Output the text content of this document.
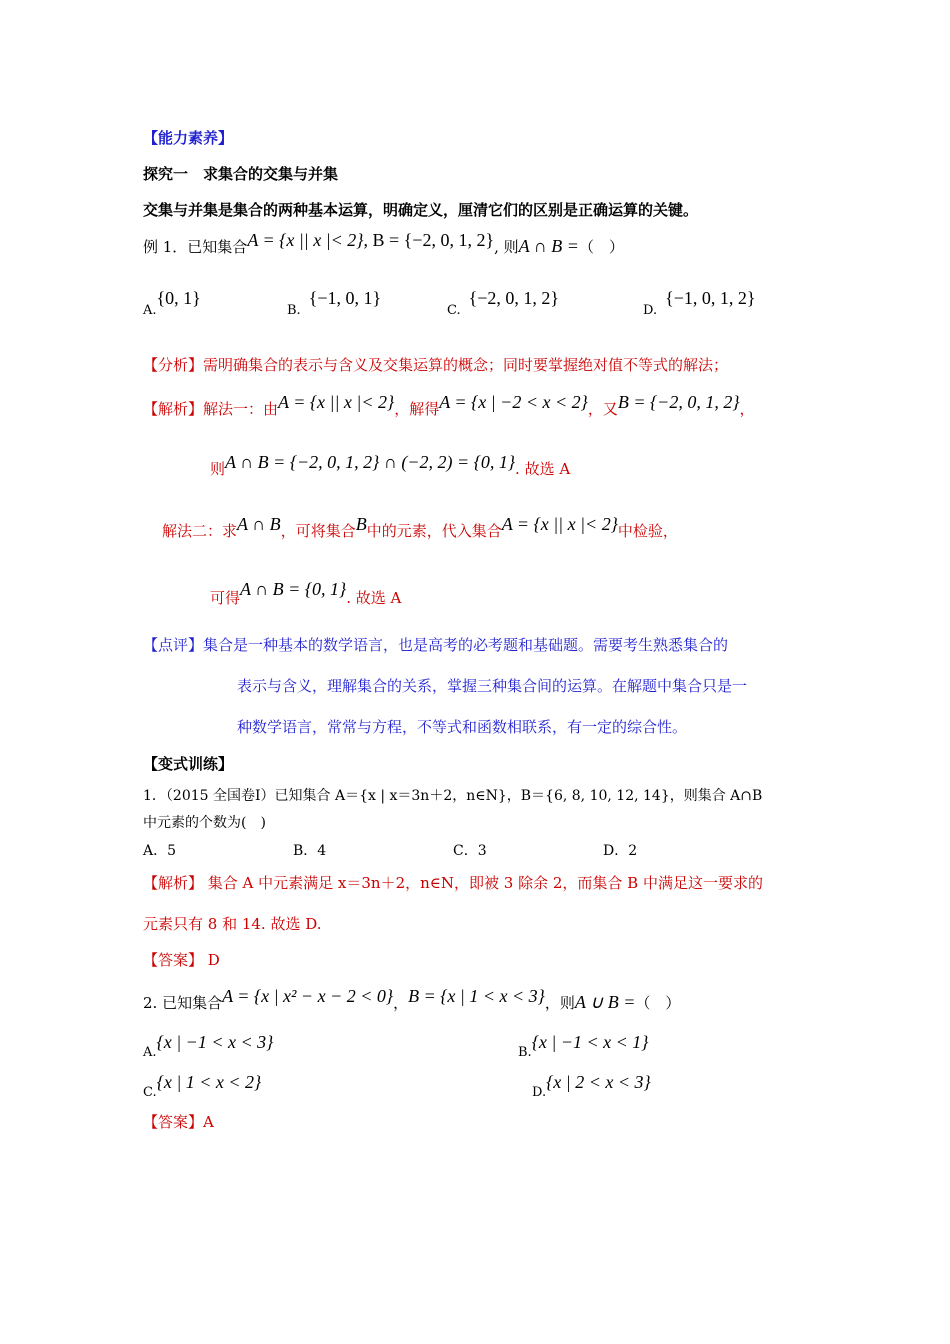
【能力素养】
探究一　求集合的交集与并集
交集与并集是集合的两种基本运算，明确定义，厘清它们的区别是正确运算的关键。
例 1．已知集合A = {x || x |< 2}, B = {−2, 0, 1, 2}, 则A ∩ B =（　）
A.{0, 1}
B.{−1, 0, 1}
C.{−2, 0, 1, 2}
D.{−1, 0, 1, 2}
【分析】需明确集合的表示与含义及交集运算的概念；同时要掌握绝对值不等式的解法；
【解析】解法一：由A = {x || x |< 2}，解得A = {x | −2 < x < 2}，又B = {−2, 0, 1, 2}，
则A ∩ B = {−2, 0, 1, 2} ∩ (−2, 2) = {0, 1}. 故选 A
解法二：求A ∩ B，可将集合B中的元素，代入集合A = {x || x |< 2}中检验，
可得A ∩ B = {0, 1}. 故选 A
【点评】集合是一种基本的数学语言，也是高考的必考题和基础题。需要考生熟悉集合的
表示与含义，理解集合的关系，掌握三种集合间的运算。在解题中集合只是一
种数学语言，常常与方程，不等式和函数相联系，有一定的综合性。
【变式训练】
1．（2015 全国卷Ⅰ）已知集合 A＝{x | x＝3n＋2，n∈N}，B＝{6, 8, 10, 12, 14}，则集合 A∩B
中元素的个数为(　)
A．5	B．4	C．3	D．2
【解析】 集合 A 中元素满足 x＝3n＋2，n∈N，即被 3 除余 2，而集合 B 中满足这一要求的
元素只有 8 和 14. 故选 D.
【答案】 D
2. 已知集合A = {x | x² − x − 2 < 0}，B = {x | 1 < x < 3}，则A ∪ B =（　）
A.{x | −1 < x < 3}
B.{x | −1 < x < 1}
C.{x | 1 < x < 2}
D.{x | 2 < x < 3}
【答案】A
